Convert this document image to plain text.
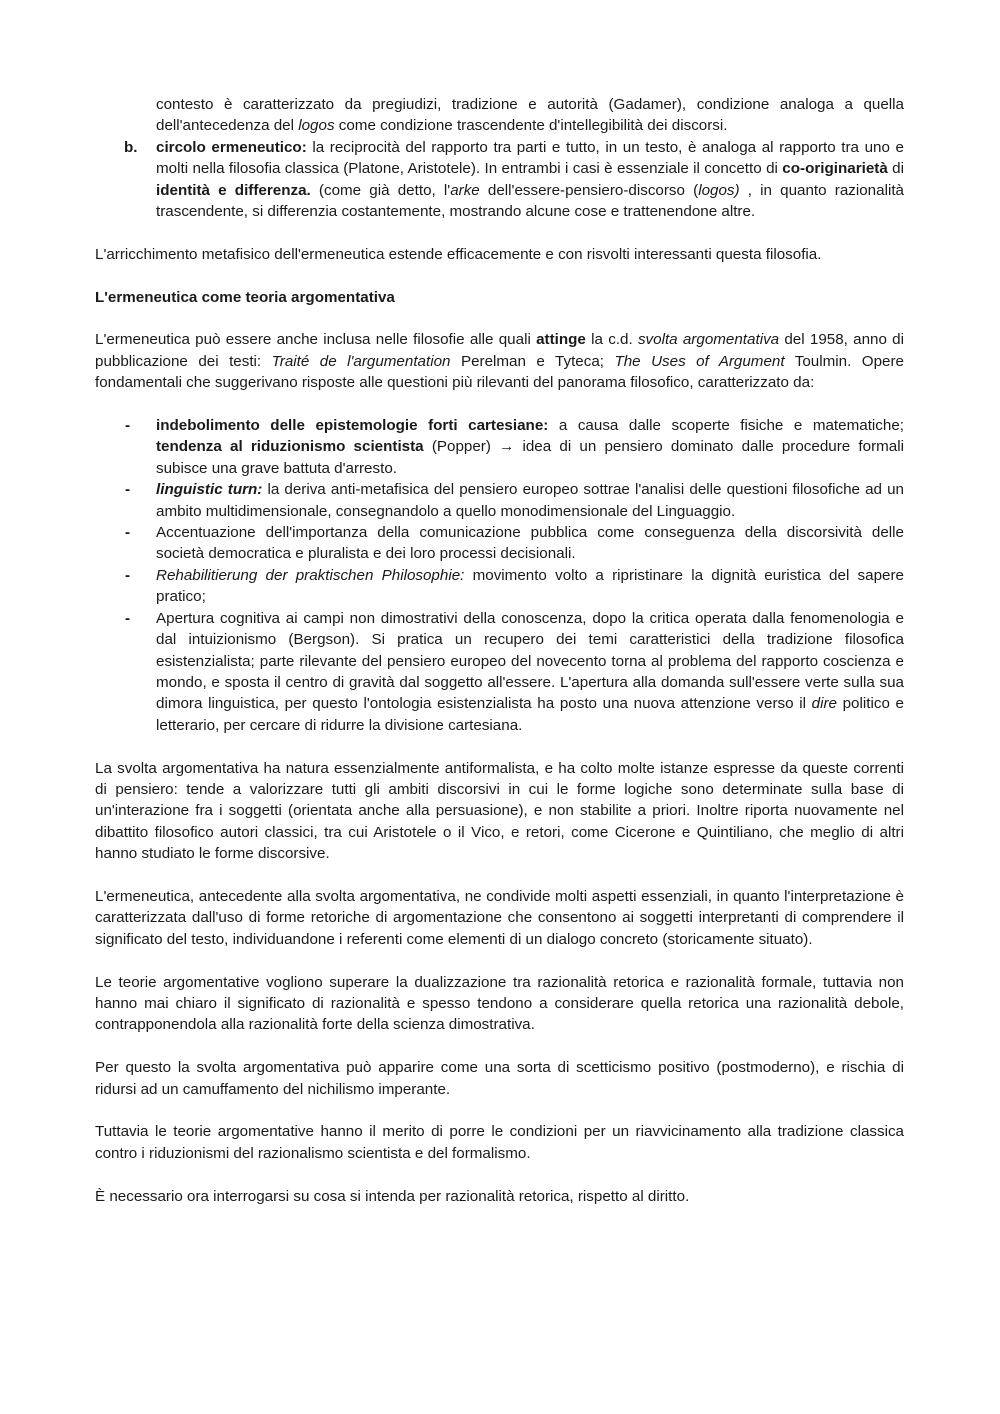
contesto è caratterizzato da pregiudizi, tradizione e autorità (Gadamer), condizione analoga a quella dell'antecedenza del logos come condizione trascendente d'intellegibilità dei discorsi.

b.	circolo ermeneutico: la reciprocità del rapporto tra parti e tutto, in un testo, è analoga al rapporto tra uno e molti nella filosofia classica (Platone, Aristotele). In entrambi i casi è essenziale il concetto di co-originarietà di identità e differenza. (come già detto, l'arke dell'essere-pensiero-discorso (logos) , in quanto razionalità trascendente, si differenzia costantemente, mostrando alcune cose e trattenendone altre.

L'arricchimento metafisico dell'ermeneutica estende efficacemente e con risvolti interessanti questa filosofia.

L'ermeneutica come teoria argomentativa

L'ermeneutica può essere anche inclusa nelle filosofie alle quali attinge la c.d. svolta argomentativa del 1958, anno di pubblicazione dei testi: Traité de l'argumentation Perelman e Tyteca; The Uses of Argument Toulmin. Opere fondamentali che suggerivano risposte alle questioni più rilevanti del panorama filosofico, caratterizzato da:

-	indebolimento delle epistemologie forti cartesiane: a causa dalle scoperte fisiche e matematiche; tendenza al riduzionismo scientista (Popper) → idea di un pensiero dominato dalle procedure formali subisce una grave battuta d'arresto.
-	linguistic turn: la deriva anti-metafisica del pensiero europeo sottrae l'analisi delle questioni filosofiche ad un ambito multidimensionale, consegnandolo a quello monodimensionale del Linguaggio.
-	Accentuazione dell'importanza della comunicazione pubblica come conseguenza della discorsività delle società democratica e pluralista e dei loro processi decisionali.
-	Rehabilitierung der praktischen Philosophie: movimento volto a ripristinare la dignità euristica del sapere pratico;
-	Apertura cognitiva ai campi non dimostrativi della conoscenza, dopo la critica operata dalla fenomenologia e dal intuizionismo (Bergson). Si pratica un recupero dei temi caratteristici della tradizione filosofica esistenzialista; parte rilevante del pensiero europeo del novecento torna al problema del rapporto coscienza e mondo, e sposta il centro di gravità dal soggetto all'essere. L'apertura alla domanda sull'essere verte sulla sua dimora linguistica, per questo l'ontologia esistenzialista ha posto una nuova attenzione verso il dire politico e letterario, per cercare di ridurre la divisione cartesiana.

La svolta argomentativa ha natura essenzialmente antiformalista, e ha colto molte istanze espresse da queste correnti di pensiero: tende a valorizzare tutti gli ambiti discorsivi in cui le forme logiche sono determinate sulla base di un'interazione fra i soggetti (orientata anche alla persuasione), e non stabilite a priori. Inoltre riporta nuovamente nel dibattito filosofico autori classici, tra cui Aristotele o il Vico, e retori, come Cicerone e Quintiliano, che meglio di altri hanno studiato le forme discorsive.

L'ermeneutica, antecedente alla svolta argomentativa, ne condivide molti aspetti essenziali, in quanto l'interpretazione è caratterizzata dall'uso di forme retoriche di argomentazione che consentono ai soggetti interpretanti di comprendere il significato del testo, individuandone i referenti come elementi di un dialogo concreto (storicamente situato).

Le teorie argomentative vogliono superare la dualizzazione tra razionalità retorica e razionalità formale, tuttavia non hanno mai chiaro il significato di razionalità e spesso tendono a considerare quella retorica una razionalità debole, contrapponendola alla razionalità forte della scienza dimostrativa.

Per questo la svolta argomentativa può apparire come una sorta di scetticismo positivo (postmoderno), e rischia di ridursi ad un camuffamento del nichilismo imperante.

Tuttavia le teorie argomentative hanno il merito di porre le condizioni per un riavvicinamento alla tradizione classica contro i riduzionismi del razionalismo scientista e del formalismo.

È necessario ora interrogarsi su cosa si intenda per razionalità retorica, rispetto al diritto.
